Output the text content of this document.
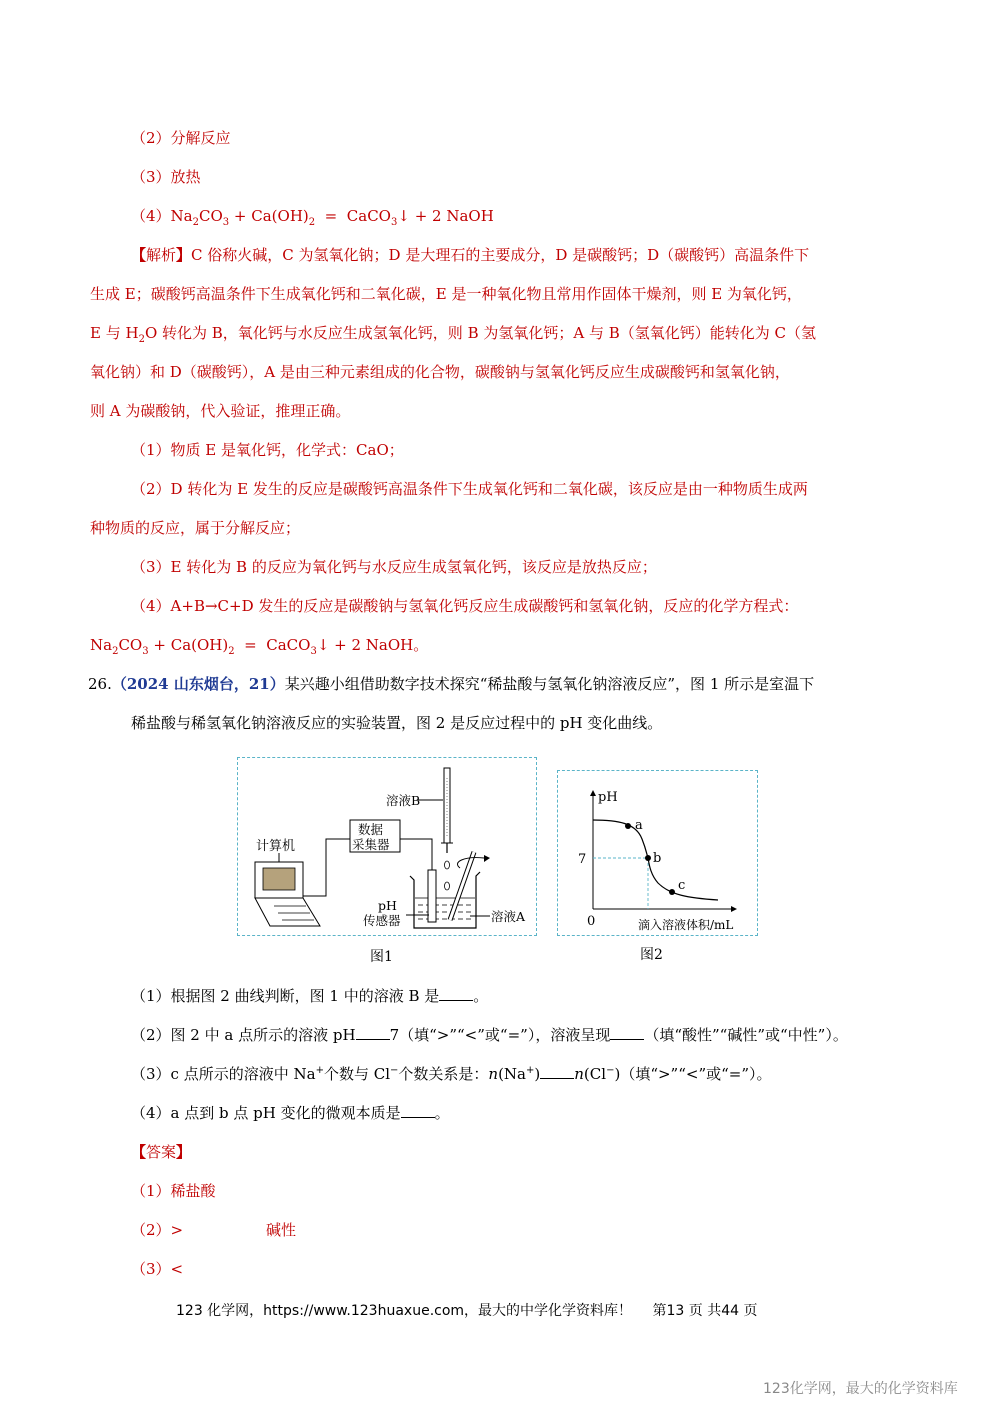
（2）分解反应
（3）放热
$(4)Na_2CO_3 + Ca(OH)_2$  =  CaCO$_3$↓ + 2 NaOH
【解析】C 俗称火碱，C 为氢氧化钠；D 是大理石的主要成分，D 是碳酸钙；D（碳酸钙）高温条件下
生成 E；碳酸钙高温条件下生成氧化钙和二氧化碳，E 是一种氧化物且常用作固体干燥剂，则 E 为氧化钙，
E 与 $H_2O$ 转化为 B，氧化钙与水反应生成氢氧化钙，则 B 为氢氧化钙；A 与 B（氢氧化钙）能转化为 C（氢
氧化钠）和 D（碳酸钙），A 是由三种元素组成的化合物，碳酸钠与氢氧化钙反应生成碳酸钙和氢氧化钠，
则 A 为碳酸钠，代入验证，推理正确。
（1）物质 E 是氧化钙，化学式：CaO；
（2）D 转化为 E 发生的反应是碳酸钙高温条件下生成氧化钙和二氧化碳，该反应是由一种物质生成两
种物质的反应，属于分解反应；
（3）E 转化为 B 的反应为氧化钙与水反应生成氢氧化钙，该反应是放热反应；
（4）A+B→C+D 发生的反应是碳酸钠与氢氧化钙反应生成碳酸钙和氢氧化钠，反应的化学方程式：
$Na_2CO_3 + Ca(OH)_2$  =  CaCO$_3$↓ + 2 NaOH。
26.（2024 山东烟台，21）某兴趣小组借助数字技术探究“稀盐酸与氢氧化钠溶液反应”，图 1 所示是室温下
稀盐酸与稀氢氧化钠溶液反应的实验装置，图 2 是反应过程中的 pH 变化曲线。
计算机
数据
采集器
溶液B
pH
传感器	溶液A
图1
pH
7
0	滴入溶液体积/mL
a
b
c
图2
（1）根据图 2 曲线判断，图 1 中的溶液 B 是 。
（2）图 2 中 a 点所示的溶液 pH 7（填“>”“<”或“=”），溶液呈现 （填“酸性”“碱性”或“中性”）。
（3）c 点所示的溶液中 Na+个数与 Cl−个数关系是：n(Na+) n(Cl−)（填“>”“<”或“=”）。
（4）a 点到 b 点 pH 变化的微观本质是 。
【答案】
（1）稀盐酸
（2）>	碱性
（3）<
123 化学网，https://www.123huaxue.com，最大的中学化学资料库！ 第13 页 共44 页
123化学网，最大的化学资料库
